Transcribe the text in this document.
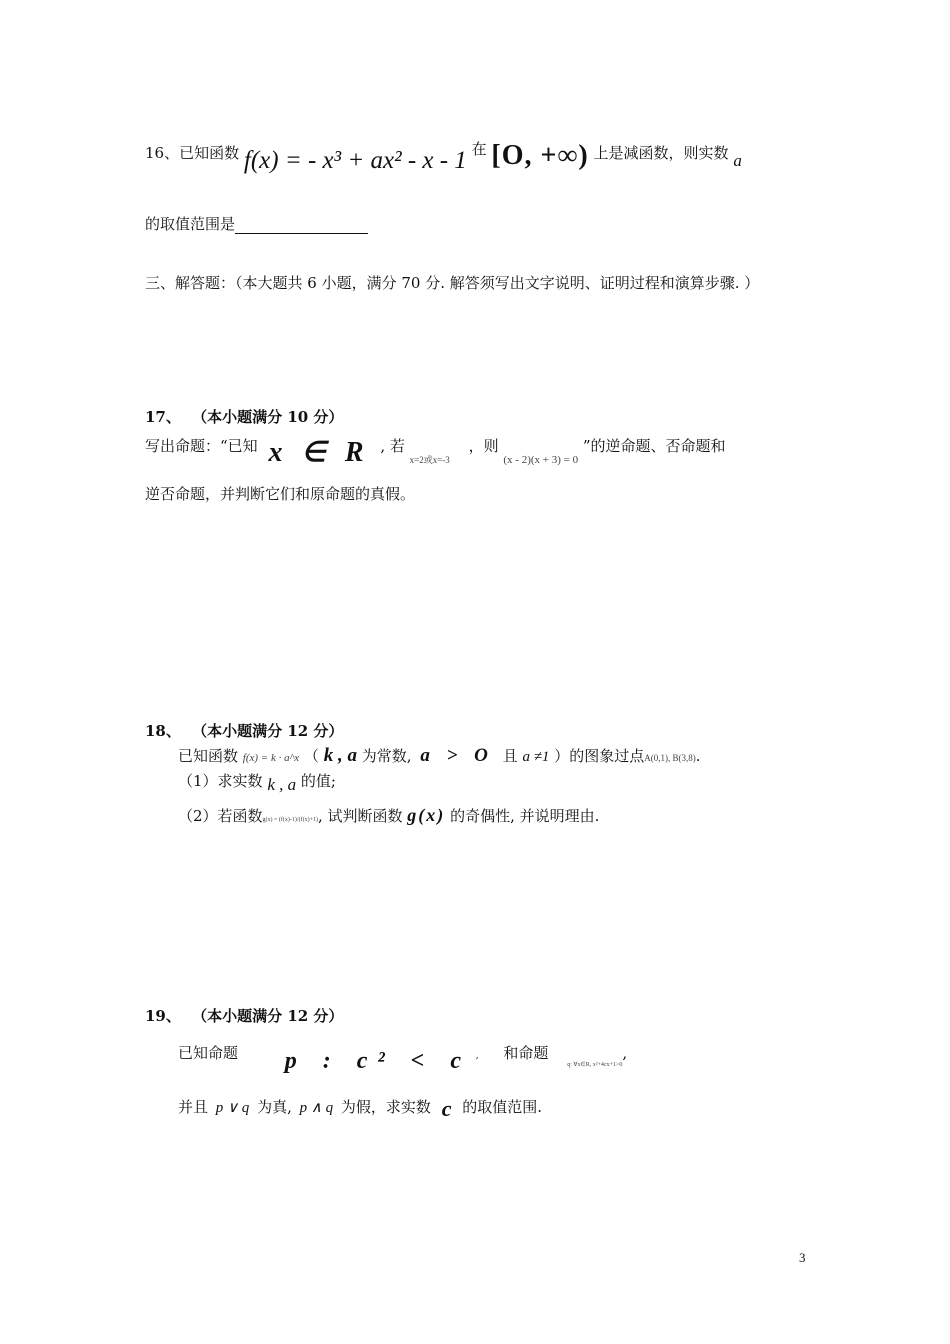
16、已知函数 f(x) = - x³ + ax² - x - 1 在 [O, +∞) 上是减函数，则实数 a
的取值范围是
三、解答题：（本大题共 6 小题，满分 70 分. 解答须写出文字说明、证明过程和演算步骤. ）
17、 （本小题满分 10 分）
写出命题：“已知 x ∈ R , 若 $_{x=2或x=-3}$ ，则 $_{(x - 2)(x + 3) = 0}$ ”的逆命题、否命题和
逆否命题，并判断它们和原命题的真假。
18、 （本小题满分 12 分）
已知函数 f(x) = k · a^x （ k , a 为常数, a > O 且 a ≠1 ）的图象过点A(0,1), B(3,8).
（1）求实数 k , a 的值;
（2）若函数g(x) = (f(x)-1)/(f(x)+1), 试判断函数 g(x) 的奇偶性, 并说明理由.
19、 （本小题满分 12 分）
已知命题 p : c² < c , 和命题 $_{q: \forall x\in R, x^2+4cx+1>0}$,
并且 p ∨ q 为真, p ∧ q 为假，求实数 c 的取值范围.
3
